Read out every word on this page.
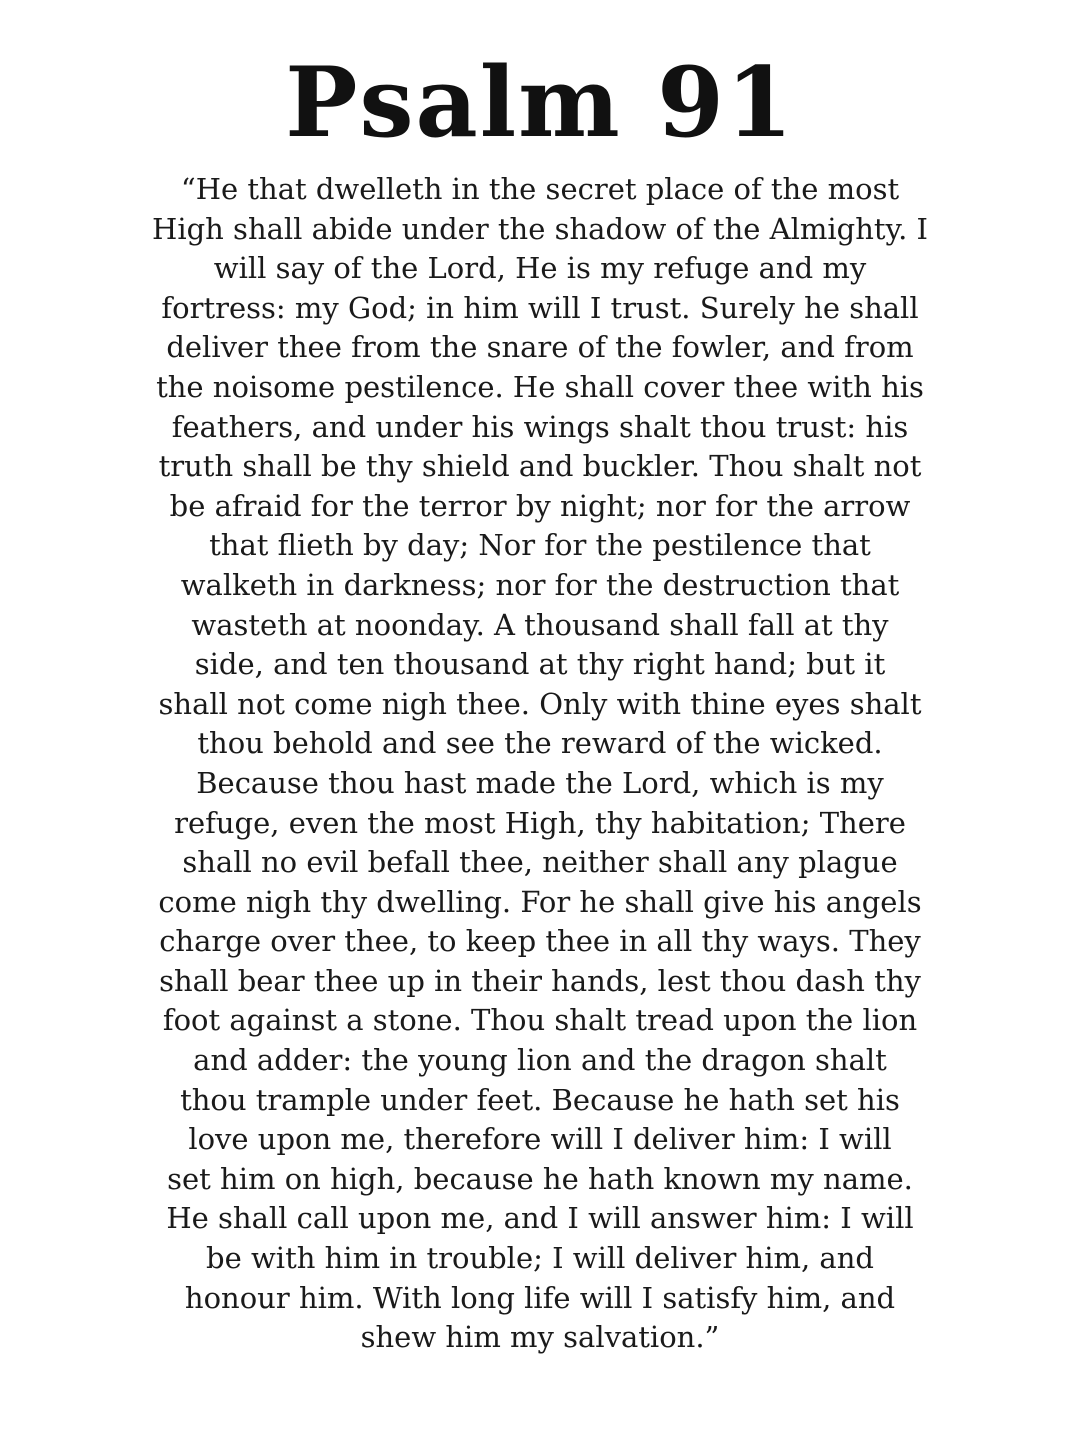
Psalm 91
“He that dwelleth in the secret place of the most
High shall abide under the shadow of the Almighty. I
will say of the Lord, He is my refuge and my
fortress: my God; in him will I trust. Surely he shall
deliver thee from the snare of the fowler, and from
the noisome pestilence. He shall cover thee with his
feathers, and under his wings shalt thou trust: his
truth shall be thy shield and buckler. Thou shalt not
be afraid for the terror by night; nor for the arrow
that flieth by day; Nor for the pestilence that
walketh in darkness; nor for the destruction that
wasteth at noonday. A thousand shall fall at thy
side, and ten thousand at thy right hand; but it
shall not come nigh thee. Only with thine eyes shalt
thou behold and see the reward of the wicked.
Because thou hast made the Lord, which is my
refuge, even the most High, thy habitation; There
shall no evil befall thee, neither shall any plague
come nigh thy dwelling. For he shall give his angels
charge over thee, to keep thee in all thy ways. They
shall bear thee up in their hands, lest thou dash thy
foot against a stone. Thou shalt tread upon the lion
and adder: the young lion and the dragon shalt
thou trample under feet. Because he hath set his
love upon me, therefore will I deliver him: I will
set him on high, because he hath known my name.
He shall call upon me, and I will answer him: I will
be with him in trouble; I will deliver him, and
honour him. With long life will I satisfy him, and
shew him my salvation.”
